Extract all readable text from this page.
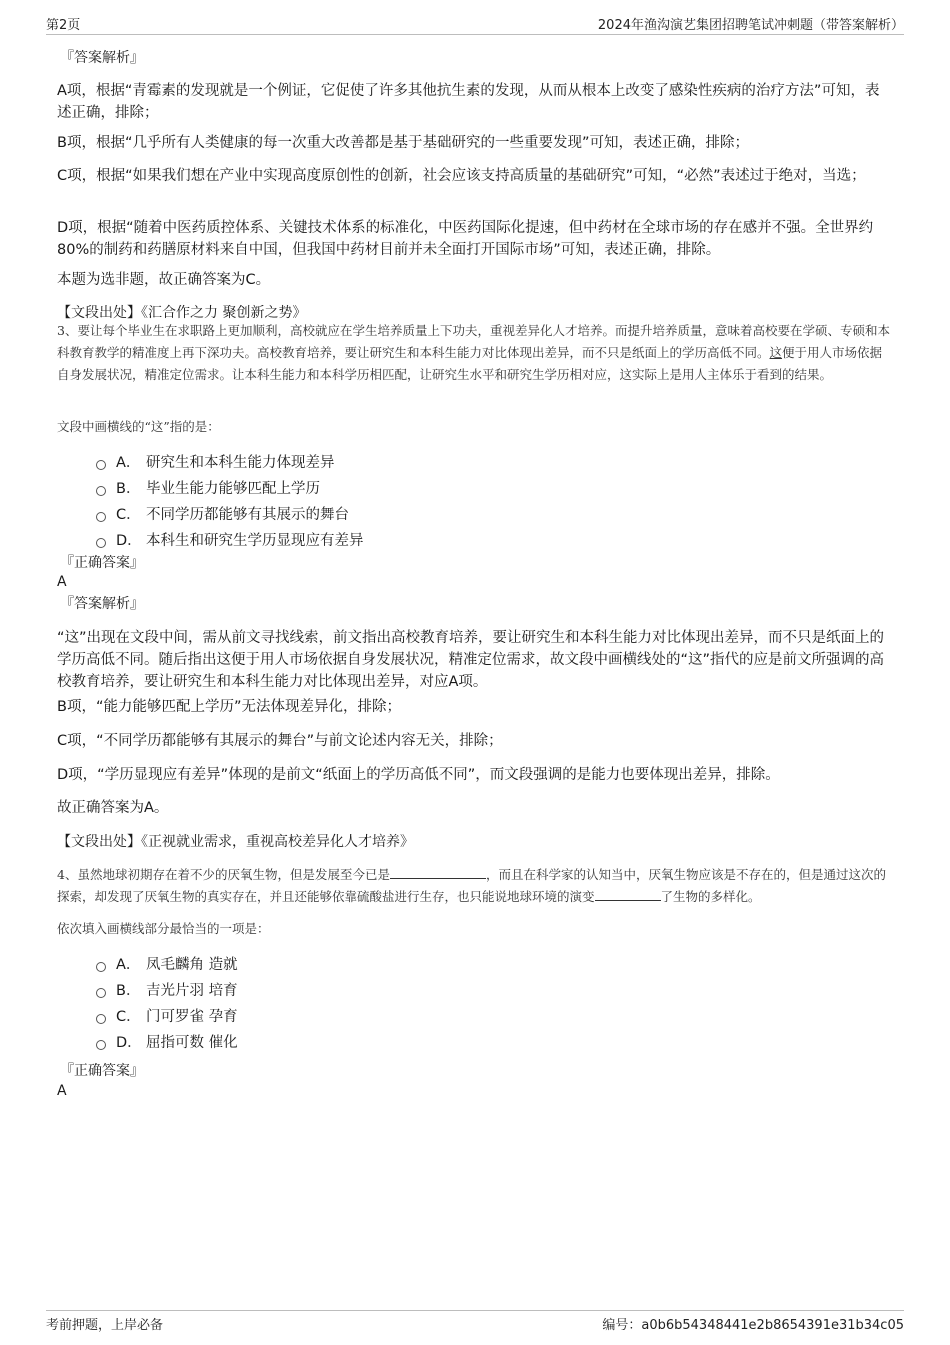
第2页	2024年渔沟演艺集团招聘笔试冲刺题（带答案解析）
『答案解析』
A项，根据“青霉素的发现就是一个例证，它促使了许多其他抗生素的发现，从而从根本上改变了感染性疾病的治疗方法”可知，表述正确，排除；
B项，根据“几乎所有人类健康的每一次重大改善都是基于基础研究的一些重要发现”可知，表述正确，排除；
C项，根据“如果我们想在产业中实现高度原创性的创新，社会应该支持高质量的基础研究”可知，“必然”表述过于绝对，当选；
D项，根据“随着中医药质控体系、关键技术体系的标准化，中医药国际化提速，但中药材在全球市场的存在感并不强。全世界约80%的制药和药膳原材料来自中国，但我国中药材目前并未全面打开国际市场”可知，表述正确，排除。
本题为选非题，故正确答案为C。
【文段出处】《汇合作之力 聚创新之势》
3、要让每个毕业生在求职路上更加顺利，高校就应在学生培养质量上下功夫，重视差异化人才培养。而提升培养质量，意味着高校要在学硕、专硕和本科教育教学的精准度上再下深功夫。高校教育培养，要让研究生和本科生能力对比体现出差异，而不只是纸面上的学历高低不同。这便于用人市场依据自身发展状况，精准定位需求。让本科生能力和本科学历相匹配，让研究生水平和研究生学历相对应，这实际上是用人主体乐于看到的结果。
文段中画横线的“这”指的是：
A． 研究生和本科生能力体现差异
B． 毕业生能力能够匹配上学历
C． 不同学历都能够有其展示的舞台
D． 本科生和研究生学历显现应有差异
『正确答案』
A
『答案解析』
“这”出现在文段中间，需从前文寻找线索，前文指出高校教育培养，要让研究生和本科生能力对比体现出差异，而不只是纸面上的学历高低不同。随后指出这便于用人市场依据自身发展状况，精准定位需求，故文段中画横线处的“这”指代的应是前文所强调的高校教育培养，要让研究生和本科生能力对比体现出差异，对应A项。
B项，“能力能够匹配上学历”无法体现差异化，排除；
C项，“不同学历都能够有其展示的舞台”与前文论述内容无关，排除；
D项，“学历显现应有差异”体现的是前文“纸面上的学历高低不同”，而文段强调的是能力也要体现出差异，排除。
故正确答案为A。
【文段出处】《正视就业需求，重视高校差异化人才培养》
4、虽然地球初期存在着不少的厌氧生物，但是发展至今已是	，而且在科学家的认知当中，厌氧生物应该是不存在的，但是通过这次的探索，却发现了厌氧生物的真实存在，并且还能够依靠硫酸盐进行生存，也只能说地球环境的演变	了生物的多样化。
依次填入画横线部分最恰当的一项是：
A． 凤毛麟角 造就
B． 吉光片羽 培育
C． 门可罗雀 孕育
D． 屈指可数 催化
『正确答案』
A
考前押题，上岸必备	编号：a0b6b54348441e2b8654391e31b34c05
